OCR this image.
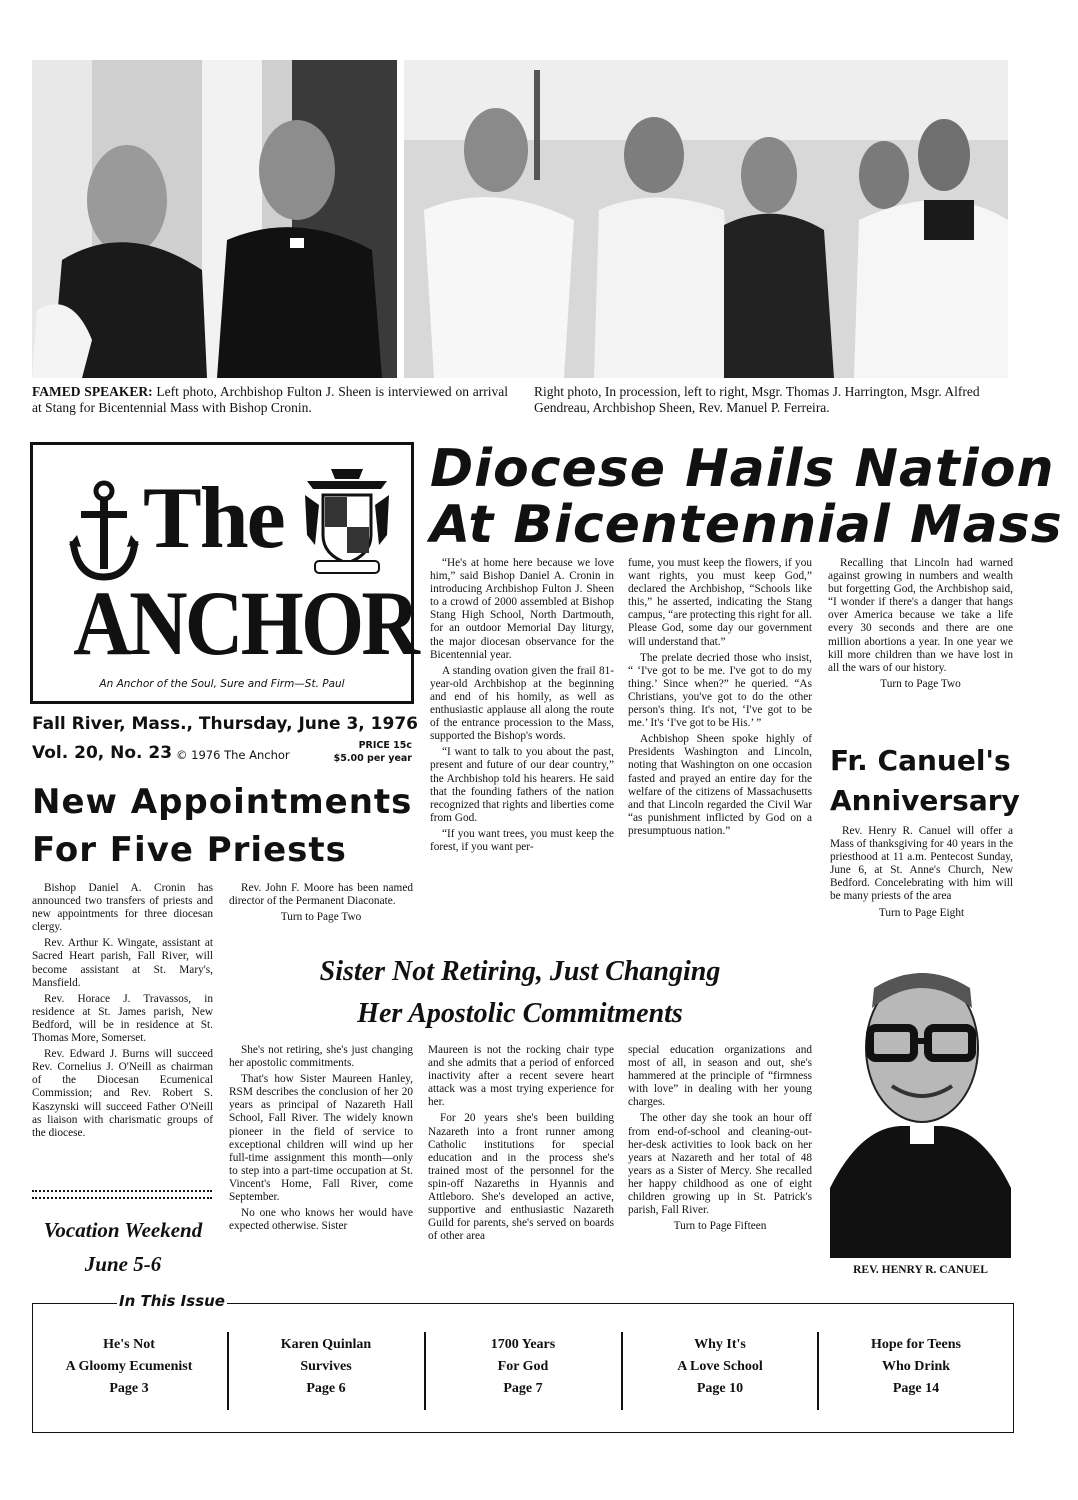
FAMED SPEAKER: Left photo, Archbishop Fulton J. Sheen is interviewed on arrival at Stang for Bicentennial Mass with Bishop Cronin.
Right photo, In procession, left to right, Msgr. Thomas J. Harrington, Msgr. Alfred Gendreau, Archbishop Sheen, Rev. Manuel P. Ferreira.
The
ANCHOR
An Anchor of the Soul, Sure and Firm—St. Paul
Fall River, Mass., Thursday, June 3, 1976
Vol. 20, No. 23 © 1976 The Anchor
PRICE 15c
$5.00 per year
Diocese Hails Nation
At Bicentennial Mass

“He's at home here because we love him,” said Bishop Daniel A. Cronin in introducing Archbishop Fulton J. Sheen to a crowd of 2000 assembled at Bishop Stang High School, North Dartmouth, for an outdoor Memorial Day liturgy, the major diocesan observance for the Bicentennial year.

A standing ovation given the frail 81-year-old Archbishop at the beginning and end of his homily, as well as enthusiastic applause all along the route of the entrance procession to the Mass, supported the Bishop's words.

“I want to talk to you about the past, present and future of our dear country,” the Archbishop told his hearers. He said that the founding fathers of the nation recognized that rights and liberties come from God.

“If you want trees, you must keep the forest, if you want per-

fume, you must keep the flowers, if you want rights, you must keep God,” declared the Archbishop, “Schools like this,” he asserted, indicating the Stang campus, “are protecting this right for all. Please God, some day our government will understand that.”

The prelate decried those who insist, “ ‘I've got to be me. I've got to do my thing.’ Since when?” he queried. “As Christians, you've got to do the other person's thing. It's not, ‘I've got to be me.’ It's ‘I've got to be His.’ ”

Achbishop Sheen spoke highly of Presidents Washington and Lincoln, noting that Washington on one occasion fasted and prayed an entire day for the welfare of the citizens of Massachusetts and that Lincoln regarded the Civil War “as punishment inflicted by God on a presumptuous nation.”

Recalling that Lincoln had warned against growing in numbers and wealth but forgetting God, the Archbishop said, “I wonder if there's a danger that hangs over America because we take a life every 30 seconds and there are one million abortions a year. In one year we kill more children than we have lost in all the wars of our history.

Turn to Page Two

Fr. Canuel's
Anniversary

Rev. Henry R. Canuel will offer a Mass of thanksgiving for 40 years in the priesthood at 11 a.m. Pentecost Sunday, June 6, at St. Anne's Church, New Bedford. Concelebrating with him will be many priests of the area

Turn to Page Eight

New Appointments
For Five Priests

Bishop Daniel A. Cronin has announced two transfers of priests and new appointments for three diocesan clergy.

Rev. Arthur K. Wingate, assistant at Sacred Heart parish, Fall River, will become assistant at St. Mary's, Mansfield.

Rev. Horace J. Travassos, in residence at St. James parish, New Bedford, will be in residence at St. Thomas More, Somerset.

Rev. Edward J. Burns will succeed Rev. Cornelius J. O'Neill as chairman of the Diocesan Ecumenical Commission; and Rev. Robert S. Kaszynski will succeed Father O'Neill as liaison with charismatic groups of the diocese.

Rev. John F. Moore has been named director of the Permanent Diaconate.

Turn to Page Two

Vocation Weekend
June 5-6
Sister Not Retiring, Just Changing
Her Apostolic Commitments

She's not retiring, she's just changing her apostolic commitments.

That's how Sister Maureen Hanley, RSM describes the conclusion of her 20 years as principal of Nazareth Hall School, Fall River. The widely known pioneer in the field of service to exceptional children will wind up her full-time assignment this month—only to step into a part-time occupation at St. Vincent's Home, Fall River, come September.

No one who knows her would have expected otherwise. Sister

Maureen is not the rocking chair type and she admits that a period of enforced inactivity after a recent severe heart attack was a most trying experience for her.

For 20 years she's been building Nazareth into a front runner among Catholic institutions for special education and in the process she's trained most of the personnel for the spin-off Nazareths in Hyannis and Attleboro. She's developed an active, supportive and enthusiastic Nazareth Guild for parents, she's served on boards of other area

special education organizations and most of all, in season and out, she's hammered at the principle of “firmness with love” in dealing with her young charges.

The other day she took an hour off from end-of-school and cleaning-out-her-desk activities to look back on her years at Nazareth and her total of 48 years as a Sister of Mercy. She recalled her happy childhood as one of eight children growing up in St. Patrick's parish, Fall River.

Turn to Page Fifteen

REV. HENRY R. CANUEL
In This Issue
He's Not
A Gloomy Ecumenist
Page 3
Karen Quinlan
Survives
Page 6
1700 Years
For God
Page 7
Why It's
A Love School
Page 10
Hope for Teens
Who Drink
Page 14
